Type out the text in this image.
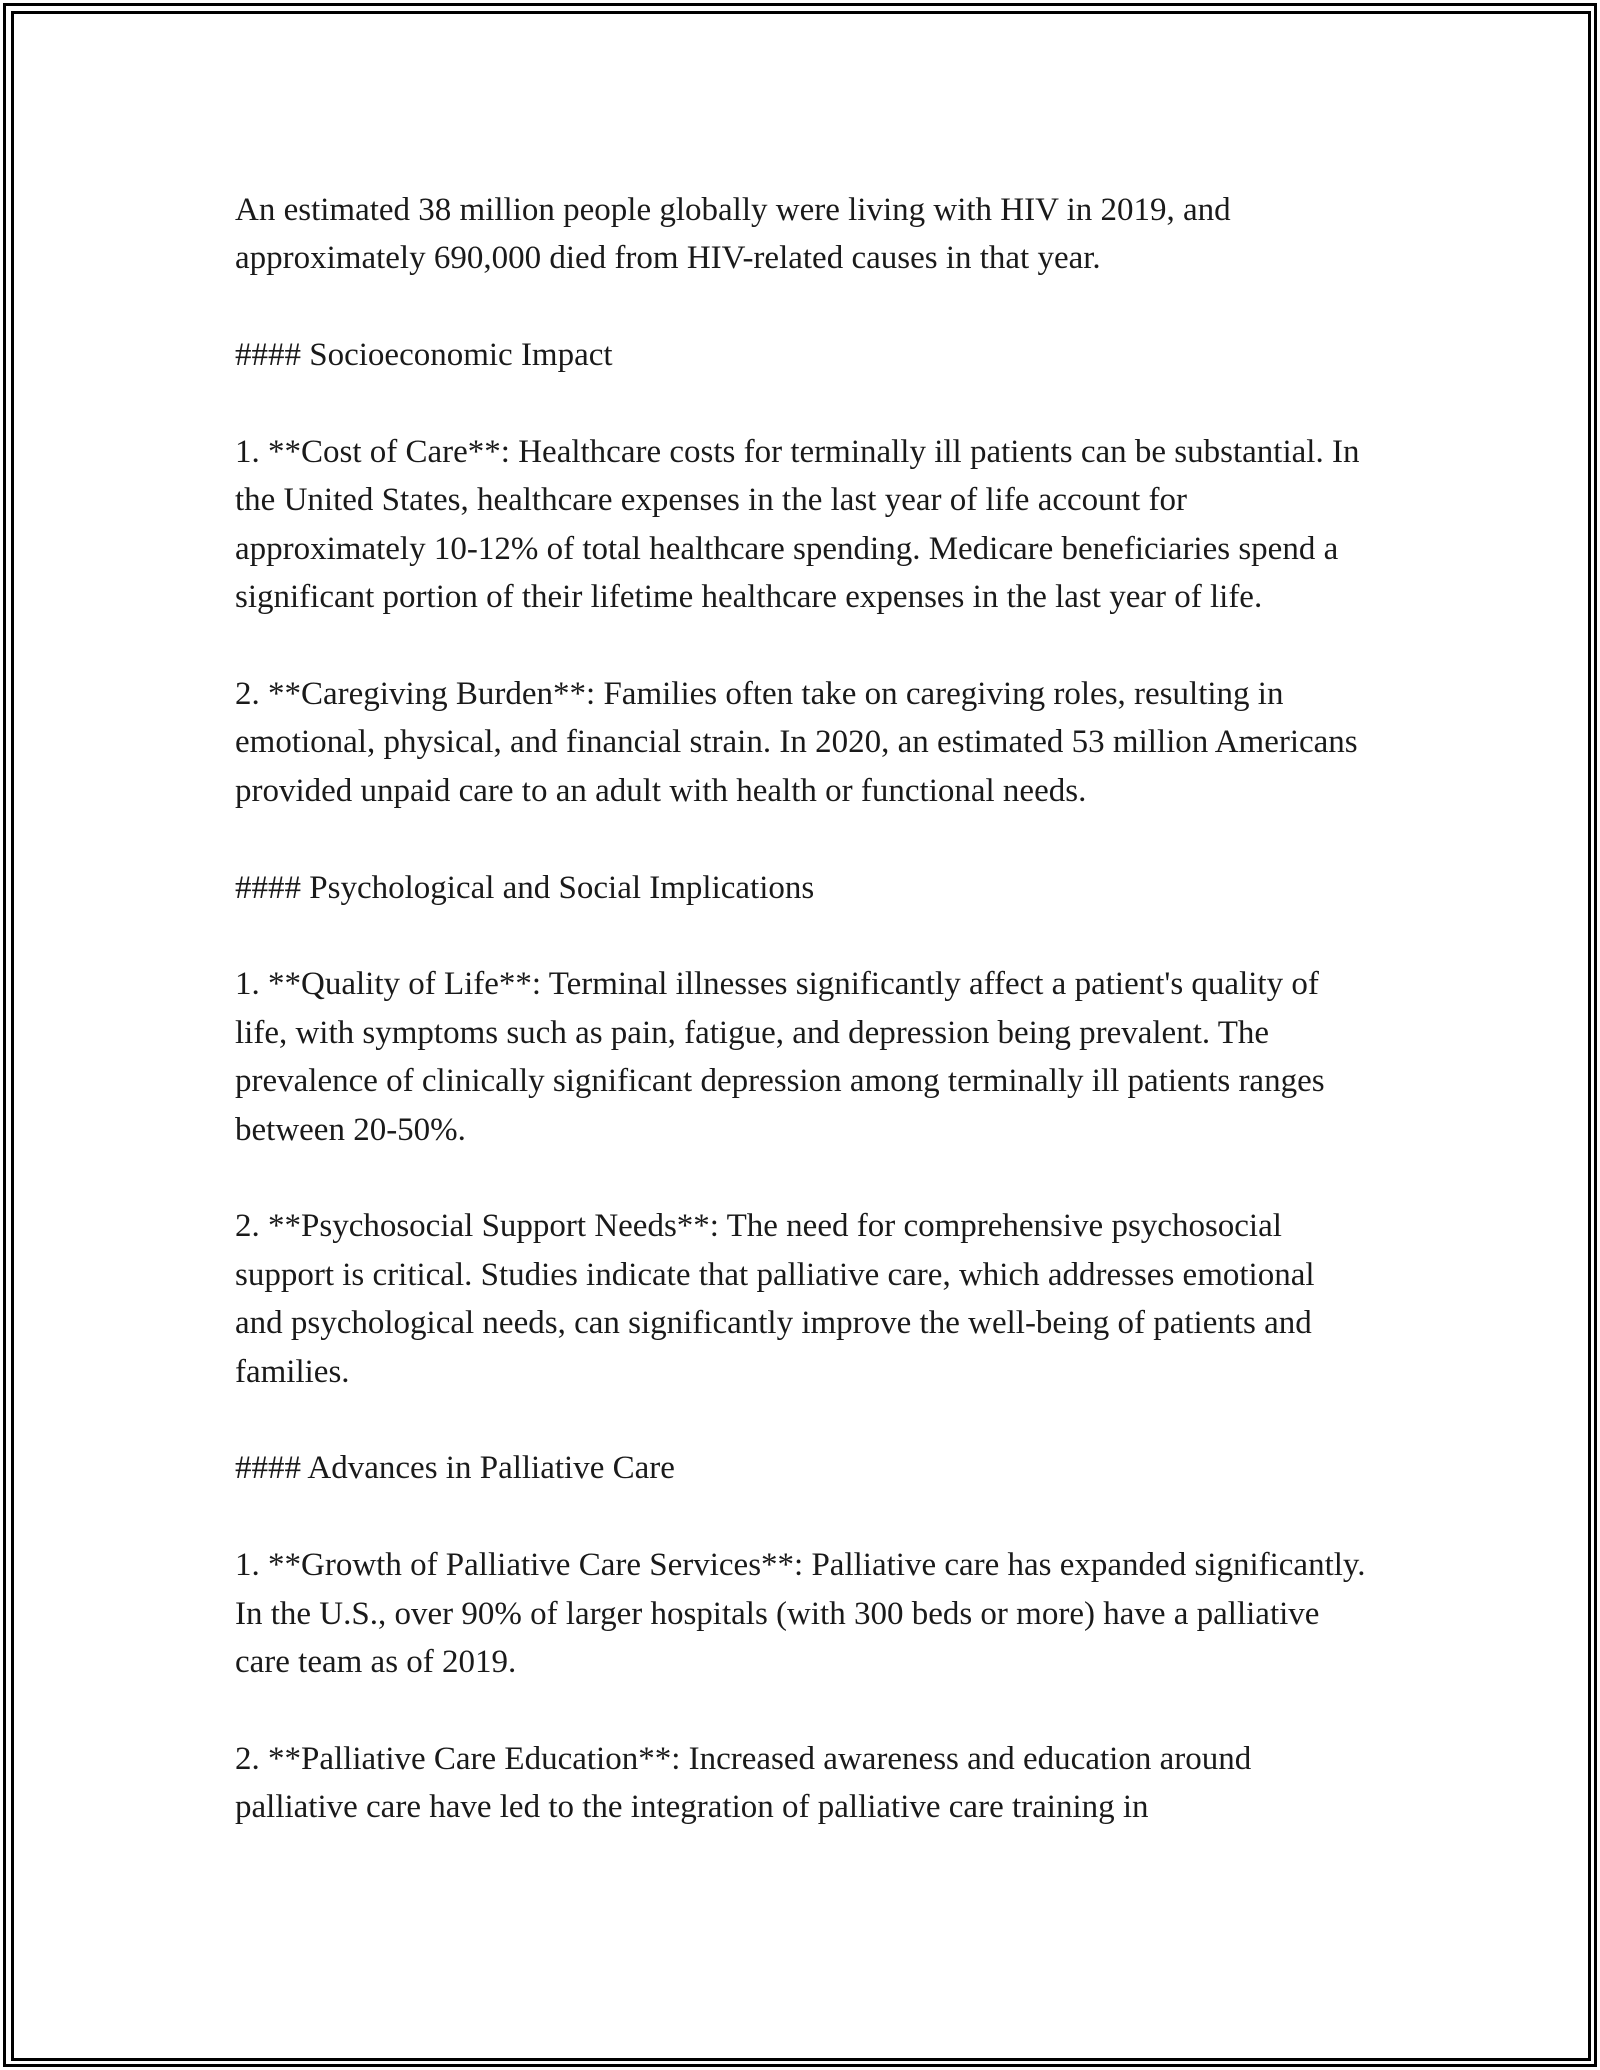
An estimated 38 million people globally were living with HIV in 2019, and approximately 690,000 died from HIV-related causes in that year.

#### Socioeconomic Impact

1. **Cost of Care**: Healthcare costs for terminally ill patients can be substantial. In the United States, healthcare expenses in the last year of life account for approximately 10-12% of total healthcare spending. Medicare beneficiaries spend a significant portion of their lifetime healthcare expenses in the last year of life.

2. **Caregiving Burden**: Families often take on caregiving roles, resulting in emotional, physical, and financial strain. In 2020, an estimated 53 million Americans provided unpaid care to an adult with health or functional needs.

#### Psychological and Social Implications

1. **Quality of Life**: Terminal illnesses significantly affect a patient's quality of life, with symptoms such as pain, fatigue, and depression being prevalent. The prevalence of clinically significant depression among terminally ill patients ranges between 20-50%.

2. **Psychosocial Support Needs**: The need for comprehensive psychosocial support is critical. Studies indicate that palliative care, which addresses emotional and psychological needs, can significantly improve the well-being of patients and families.

#### Advances in Palliative Care

1. **Growth of Palliative Care Services**: Palliative care has expanded significantly. In the U.S., over 90% of larger hospitals (with 300 beds or more) have a palliative care team as of 2019.

2. **Palliative Care Education**: Increased awareness and education around palliative care have led to the integration of palliative care training in
